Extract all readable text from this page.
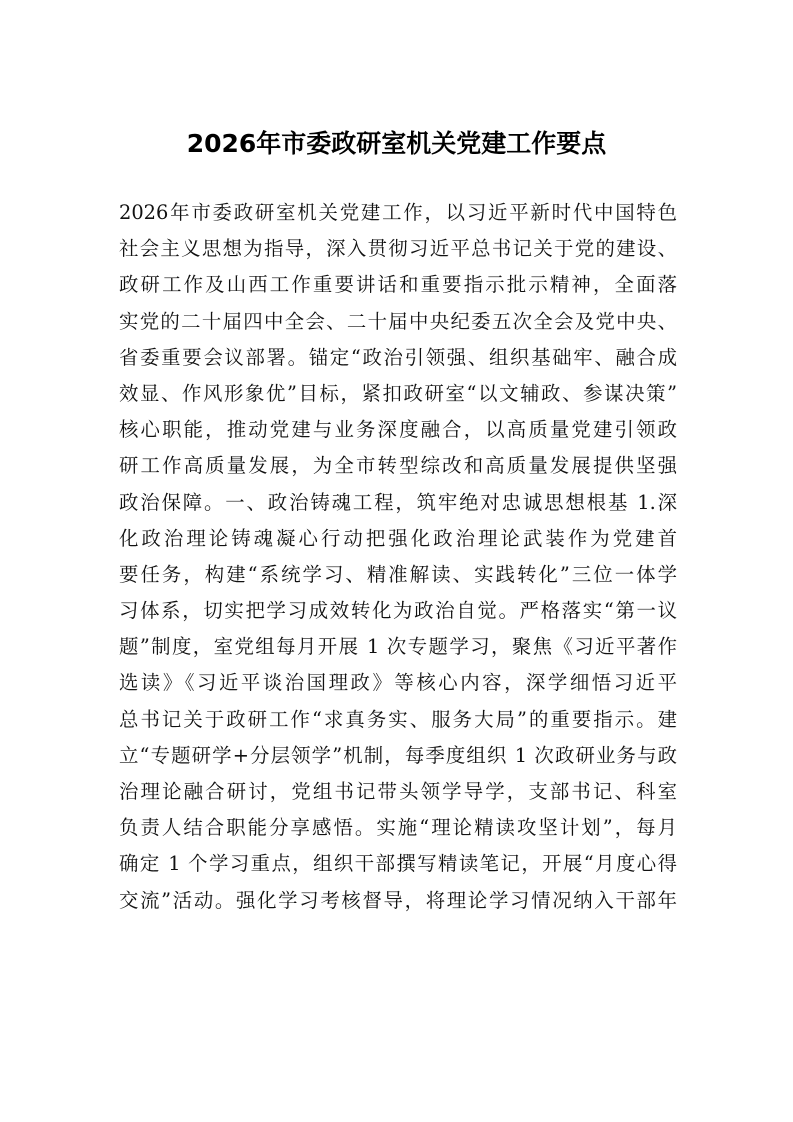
2026年市委政研室机关党建工作要点
2026年市委政研室机关党建工作，以习近平新时代中国特色
社会主义思想为指导，深入贯彻习近平总书记关于党的建设、
政研工作及山西工作重要讲话和重要指示批示精神，全面落
实党的二十届四中全会、二十届中央纪委五次全会及党中央、
省委重要会议部署。锚定“政治引领强、组织基础牢、融合成
效显、作风形象优”目标，紧扣政研室“以文辅政、参谋决策”
核心职能，推动党建与业务深度融合，以高质量党建引领政
研工作高质量发展，为全市转型综改和高质量发展提供坚强
政治保障。一、政治铸魂工程，筑牢绝对忠诚思想根基 1.深
化政治理论铸魂凝心行动把强化政治理论武装作为党建首
要任务，构建“系统学习、精准解读、实践转化”三位一体学
习体系，切实把学习成效转化为政治自觉。严格落实“第一议
题”制度，室党组每月开展 1 次专题学习，聚焦《习近平著作
选读》《习近平谈治国理政》等核心内容，深学细悟习近平
总书记关于政研工作“求真务实、服务大局”的重要指示。建
立“专题研学+分层领学”机制，每季度组织 1 次政研业务与政
治理论融合研讨，党组书记带头领学导学，支部书记、科室
负责人结合职能分享感悟。实施“理论精读攻坚计划”，每月
确定 1 个学习重点，组织干部撰写精读笔记，开展“月度心得
交流”活动。强化学习考核督导，将理论学习情况纳入干部年
